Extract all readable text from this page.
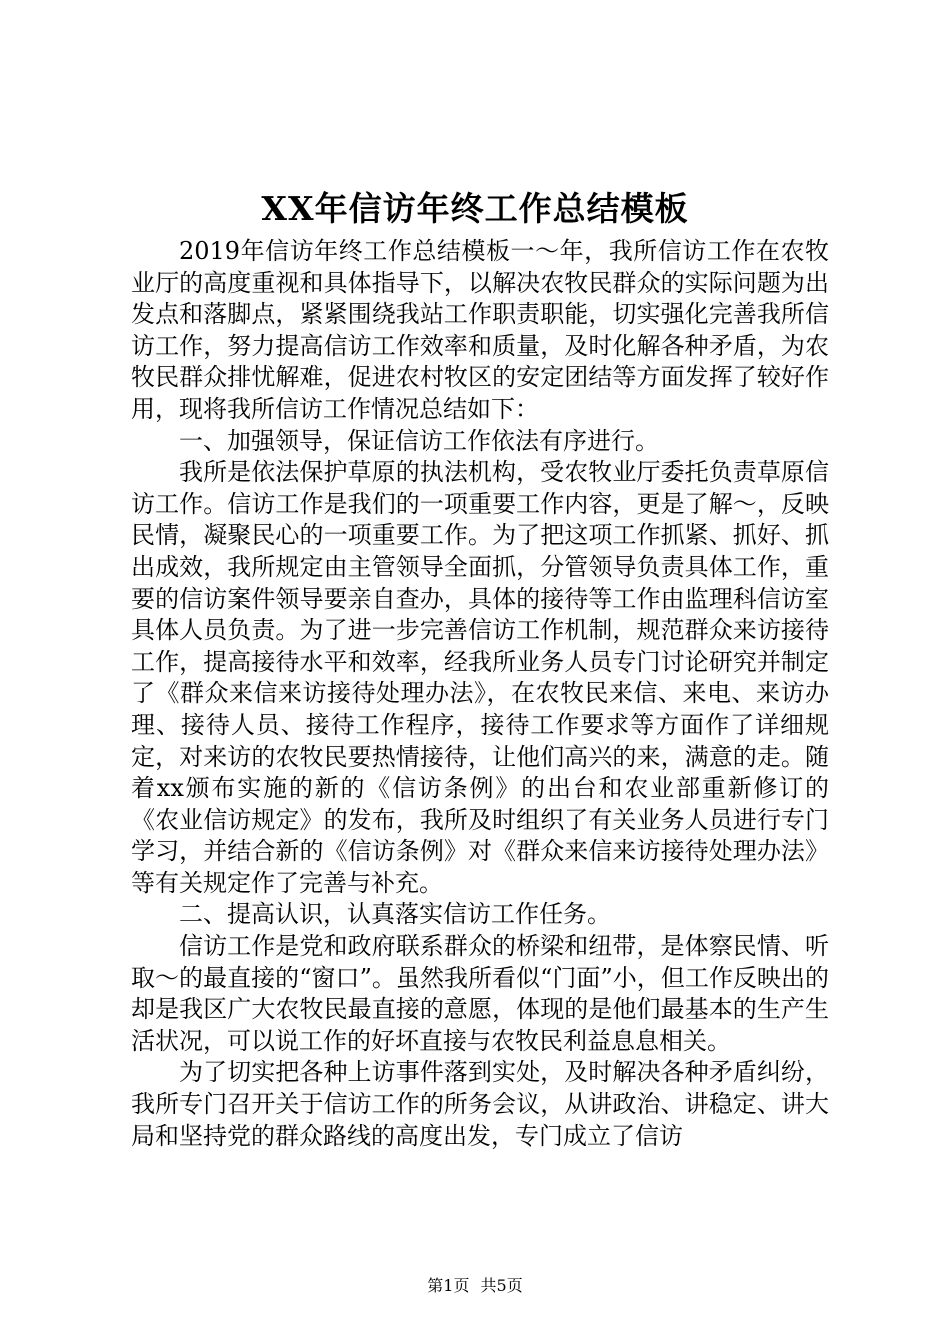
XX年信访年终工作总结模板

2019年信访年终工作总结模板一～年，我所信访工作在农牧业厅的高度重视和具体指导下，以解决农牧民群众的实际问题为出发点和落脚点，紧紧围绕我站工作职责职能，切实强化完善我所信访工作，努力提高信访工作效率和质量，及时化解各种矛盾，为农牧民群众排忧解难，促进农村牧区的安定团结等方面发挥了较好作用，现将我所信访工作情况总结如下：

一、加强领导，保证信访工作依法有序进行。

我所是依法保护草原的执法机构，受农牧业厅委托负责草原信访工作。信访工作是我们的一项重要工作内容，更是了解～，反映民情，凝聚民心的一项重要工作。为了把这项工作抓紧、抓好、抓出成效，我所规定由主管领导全面抓，分管领导负责具体工作，重要的信访案件领导要亲自查办，具体的接待等工作由监理科信访室具体人员负责。为了进一步完善信访工作机制，规范群众来访接待工作，提高接待水平和效率，经我所业务人员专门讨论研究并制定了《群众来信来访接待处理办法》，在农牧民来信、来电、来访办理、接待人员、接待工作程序，接待工作要求等方面作了详细规定，对来访的农牧民要热情接待，让他们高兴的来，满意的走。随着xx颁布实施的新的《信访条例》的出台和农业部重新修订的《农业信访规定》的发布，我所及时组织了有关业务人员进行专门学习，并结合新的《信访条例》对《群众来信来访接待处理办法》等有关规定作了完善与补充。

二、提高认识，认真落实信访工作任务。

信访工作是党和政府联系群众的桥梁和纽带，是体察民情、听取～的最直接的“窗口”。虽然我所看似“门面”小，但工作反映出的却是我区广大农牧民最直接的意愿，体现的是他们最基本的生产生活状况，可以说工作的好坏直接与农牧民利益息息相关。

为了切实把各种上访事件落到实处，及时解决各种矛盾纠纷，我所专门召开关于信访工作的所务会议，从讲政治、讲稳定、讲大局和坚持党的群众路线的高度出发，专门成立了信访

第1页 共5页
